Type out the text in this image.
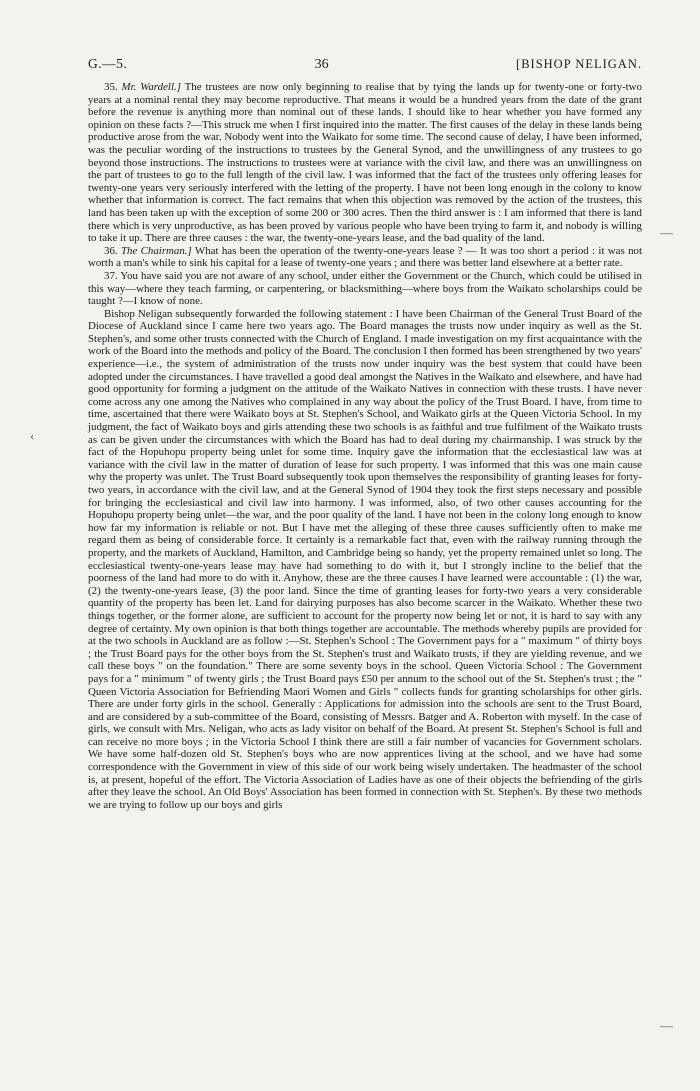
G.—5.	36	[BISHOP NELIGAN.

35. Mr. Wardell.] The trustees are now only beginning to realise that by tying the lands up for twenty-one or forty-two years at a nominal rental they may become reproductive. That means it would be a hundred years from the date of the grant before the revenue is anything more than nominal out of these lands. I should like to hear whether you have formed any opinion on these facts ?—This struck me when I first inquired into the matter. The first causes of the delay in these lands being productive arose from the war. Nobody went into the Waikato for some time. The second cause of delay, I have been informed, was the peculiar wording of the instructions to trustees by the General Synod, and the unwillingness of any trustees to go beyond those instructions. The instructions to trustees were at variance with the civil law, and there was an unwillingness on the part of trustees to go to the full length of the civil law. I was informed that the fact of the trustees only offering leases for twenty-one years very seriously interfered with the letting of the property. I have not been long enough in the colony to know whether that information is correct. The fact remains that when this objection was removed by the action of the trustees, this land has been taken up with the exception of some 200 or 300 acres. Then the third answer is : I am informed that there is land there which is very unproductive, as has been proved by various people who have been trying to farm it, and nobody is willing to take it up. There are three causes : the war, the twenty-one-years lease, and the bad quality of the land.

36. The Chairman.] What has been the operation of the twenty-one-years lease ? — It was too short a period : it was not worth a man's while to sink his capital for a lease of twenty-one years ; and there was better land elsewhere at a better rate.

37. You have said you are not aware of any school, under either the Government or the Church, which could be utilised in this way—where they teach farming, or carpentering, or blacksmithing—where boys from the Waikato scholarships could be taught ?—I know of none.

Bishop Neligan subsequently forwarded the following statement : I have been Chairman of the General Trust Board of the Diocese of Auckland since I came here two years ago. The Board manages the trusts now under inquiry as well as the St. Stephen's, and some other trusts connected with the Church of England. I made investigation on my first acquaintance with the work of the Board into the methods and policy of the Board. The conclusion I then formed has been strengthened by two years' experience—i.e., the system of administration of the trusts now under inquiry was the best system that could have been adopted under the circumstances. I have travelled a good deal amongst the Natives in the Waikato and elsewhere, and have had good opportunity for forming a judgment on the attitude of the Waikato Natives in connection with these trusts. I have never come across any one among the Natives who complained in any way about the policy of the Trust Board. I have, from time to time, ascertained that there were Waikato boys at St. Stephen's School, and Waikato girls at the Queen Victoria School. In my judgment, the fact of Waikato boys and girls attending these two schools is as faithful and true fulfilment of the Waikato trusts as can be given under the circumstances with which the Board has had to deal during my chairmanship. I was struck by the fact of the Hopuhopu property being unlet for some time. Inquiry gave the information that the ecclesiastical law was at variance with the civil law in the matter of duration of lease for such property. I was informed that this was one main cause why the property was unlet. The Trust Board subsequently took upon themselves the responsibility of granting leases for forty-two years, in accordance with the civil law, and at the General Synod of 1904 they took the first steps necessary and possible for bringing the ecclesiastical and civil law into harmony. I was informed, also, of two other causes accounting for the Hopuhopu property being unlet—the war, and the poor quality of the land. I have not been in the colony long enough to know how far my information is reliable or not. But I have met the alleging of these three causes sufficiently often to make me regard them as being of considerable force. It certainly is a remarkable fact that, even with the railway running through the property, and the markets of Auckland, Hamilton, and Cambridge being so handy, yet the property remained unlet so long. The ecclesiastical twenty-one-years lease may have had something to do with it, but I strongly incline to the belief that the poorness of the land had more to do with it. Anyhow, these are the three causes I have learned were accountable : (1) the war, (2) the twenty-one-years lease, (3) the poor land. Since the time of granting leases for forty-two years a very considerable quantity of the property has been let. Land for dairying purposes has also become scarcer in the Waikato. Whether these two things together, or the former alone, are sufficient to account for the property now being let or not, it is hard to say with any degree of certainty. My own opinion is that both things together are accountable. The methods whereby pupils are provided for at the two schools in Auckland are as follow :—St. Stephen's School : The Government pays for a " maximum " of thirty boys ; the Trust Board pays for the other boys from the St. Stephen's trust and Waikato trusts, if they are yielding revenue, and we call these boys " on the foundation." There are some seventy boys in the school. Queen Victoria School : The Government pays for a " minimum " of twenty girls ; the Trust Board pays £50 per annum to the school out of the St. Stephen's trust ; the " Queen Victoria Association for Befriending Maori Women and Girls " collects funds for granting scholarships for other girls. There are under forty girls in the school. Generally : Applications for admission into the schools are sent to the Trust Board, and are considered by a sub-committee of the Board, consisting of Messrs. Batger and A. Roberton with myself. In the case of girls, we consult with Mrs. Neligan, who acts as lady visitor on behalf of the Board. At present St. Stephen's School is full and can receive no more boys ; in the Victoria School I think there are still a fair number of vacancies for Government scholars. We have some half-dozen old St. Stephen's boys who are now apprentices living at the school, and we have had some correspondence with the Government in view of this side of our work being wisely undertaken. The headmaster of the school is, at present, hopeful of the effort. The Victoria Association of Ladies have as one of their objects the befriending of the girls after they leave the school. An Old Boys' Association has been formed in connection with St. Stephen's. By these two methods we are trying to follow up our boys and girls

‹
—
—
